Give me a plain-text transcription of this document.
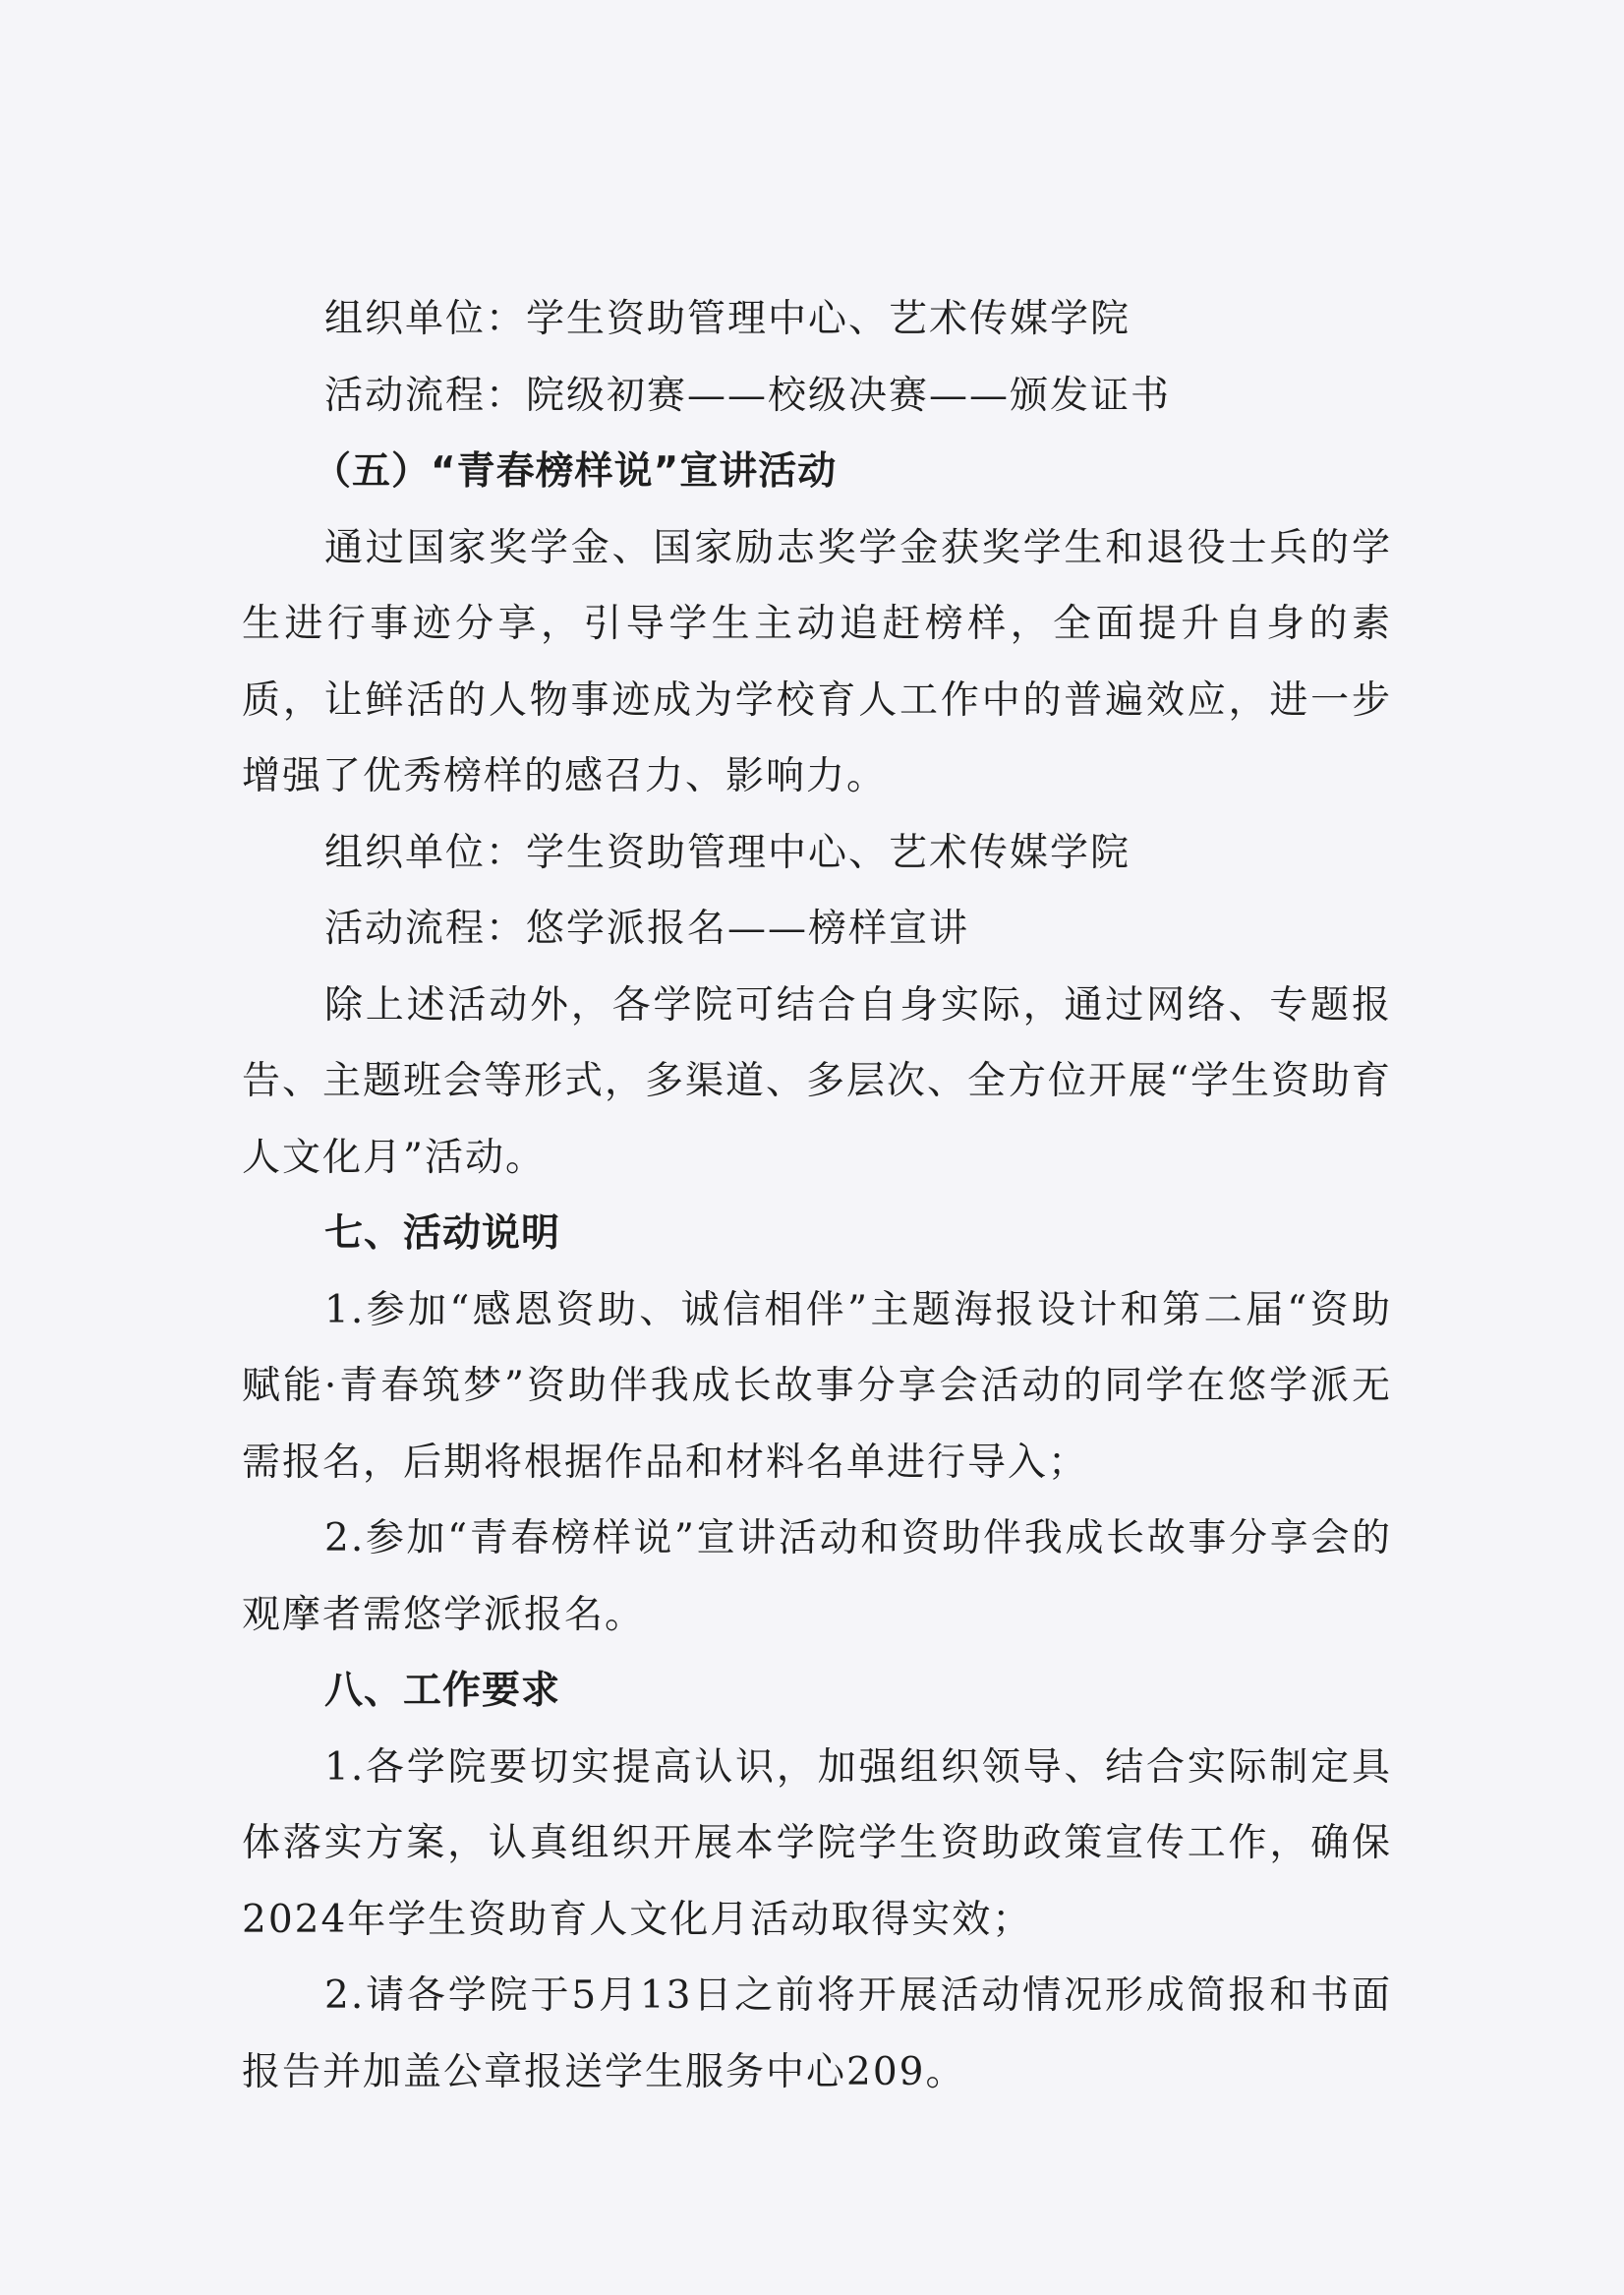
组织单位：学生资助管理中心、艺术传媒学院

活动流程：院级初赛——校级决赛——颁发证书

（五）“青春榜样说”宣讲活动

通过国家奖学金、国家励志奖学金获奖学生和退役士兵的学生进行事迹分享，引导学生主动追赶榜样，全面提升自身的素质，让鲜活的人物事迹成为学校育人工作中的普遍效应，进一步增强了优秀榜样的感召力、影响力。

组织单位：学生资助管理中心、艺术传媒学院

活动流程：悠学派报名——榜样宣讲

除上述活动外，各学院可结合自身实际，通过网络、专题报告、主题班会等形式，多渠道、多层次、全方位开展“学生资助育人文化月”活动。

七、活动说明

1.参加“感恩资助、诚信相伴”主题海报设计和第二届“资助赋能·青春筑梦”资助伴我成长故事分享会活动的同学在悠学派无需报名，后期将根据作品和材料名单进行导入；

2.参加“青春榜样说”宣讲活动和资助伴我成长故事分享会的观摩者需悠学派报名。

八、工作要求

1.各学院要切实提高认识，加强组织领导、结合实际制定具体落实方案，认真组织开展本学院学生资助政策宣传工作，确保2024年学生资助育人文化月活动取得实效；

2.请各学院于5月13日之前将开展活动情况形成简报和书面报告并加盖公章报送学生服务中心209。
